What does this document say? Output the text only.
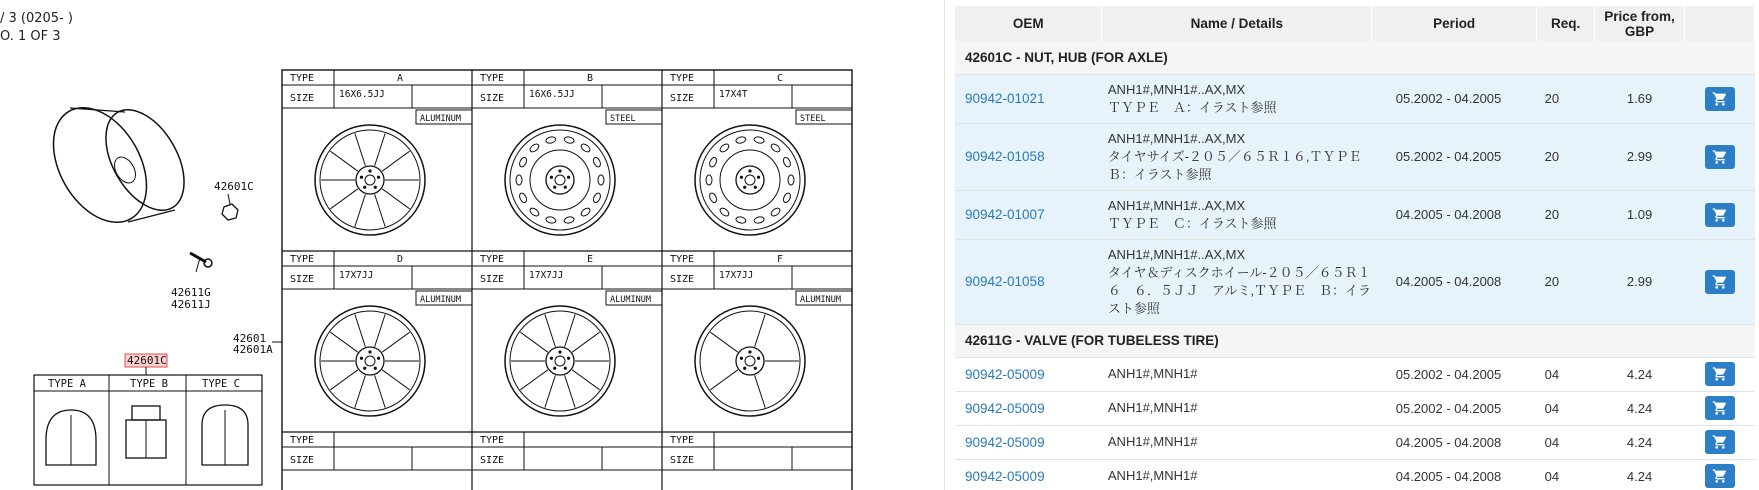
42601C
42611G
42611J
42601
42601A
42601C
TYPE A	TYPE B	TYPE C
TYPE
SIZE
A
16X6.5JJ
ALUMINUM
TYPE
SIZE
B
16X6.5JJ
STEEL
TYPE
SIZE
C
17X4T
STEEL
TYPE
SIZE
D
17X7JJ
ALUMINUM
TYPE
SIZE
E
17X7JJ
ALUMINUM
TYPE
SIZE
F
17X7JJ
ALUMINUM
TYPE
SIZE
TYPE
SIZE
TYPE
SIZE
/ 3 (0205- )
O. 1 OF 3
OEM	Name / Details	Period	Req.	Price from, GBP	
42601C - NUT, HUB (FOR AXLE)					
90942-01021	ANH1#,MNH1#..AX,MX
ＴＹＰＥ　Ａ：イラスト参照	05.2002 - 04.2005	20	1.69	

90942-01058	ANH1#,MNH1#..AX,MX
タイヤサイズ-２０５／６５Ｒ１６,ＴＹＰＥ
Ｂ：イラスト参照	05.2002 - 04.2005	20	2.99	

90942-01007	ANH1#,MNH1#..AX,MX
ＴＹＰＥ　Ｃ：イラスト参照	04.2005 - 04.2008	20	1.09	

90942-01058	ANH1#,MNH1#..AX,MX
タイヤ＆ディスクホイール-２０５／６５Ｒ１
６　６．５ＪＪ　アルミ,ＴＹＰＥ　Ｂ：イラ
スト参照	04.2005 - 04.2008	20	2.99	

42611G - VALVE (FOR TUBELESS TIRE)					
90942-05009	ANH1#,MNH1#	05.2002 - 04.2005	04	4.24	

90942-05009	ANH1#,MNH1#	05.2002 - 04.2005	04	4.24	

90942-05009	ANH1#,MNH1#	04.2005 - 04.2008	04	4.24	

90942-05009	ANH1#,MNH1#	04.2005 - 04.2008	04	4.24	
